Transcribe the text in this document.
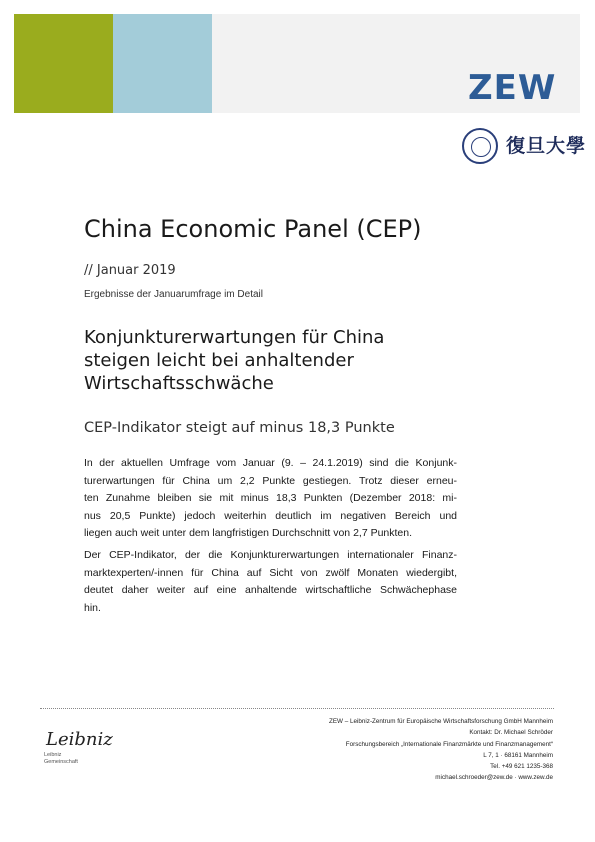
ZEW
復旦大學
China Economic Panel (CEP)
// Januar 2019
Ergebnisse der Januarumfrage im Detail
Konjunkturerwartungen für China
steigen leicht bei anhaltender
Wirtschaftsschwäche
CEP-Indikator steigt auf minus 18,3 Punkte

In der aktuellen Umfrage vom Januar (9. – 24.1.2019) sind die Konjunk-
turerwartungen für China um 2,2 Punkte gestiegen. Trotz dieser erneu-
ten Zunahme bleiben sie mit minus 18,3 Punkten (Dezember 2018: mi-
nus 20,5 Punkte) jedoch weiterhin deutlich im negativen Bereich und
liegen auch weit unter dem langfristigen Durchschnitt von 2,7 Punkten.

Der CEP-Indikator, der die Konjunkturerwartungen internationaler Finanz-
marktexperten/-innen für China auf Sicht von zwölf Monaten wiedergibt,
deutet daher weiter auf eine anhaltende wirtschaftliche Schwächephase
hin.

Leibniz
Leibniz
Gemeinschaft
ZEW – Leibniz-Zentrum für Europäische Wirtschaftsforschung GmbH Mannheim
Kontakt: Dr. Michael Schröder
Forschungsbereich „Internationale Finanzmärkte und Finanzmanagement“
L 7, 1 · 68161 Mannheim
Tel. +49 621 1235-368
michael.schroeder@zew.de · www.zew.de
